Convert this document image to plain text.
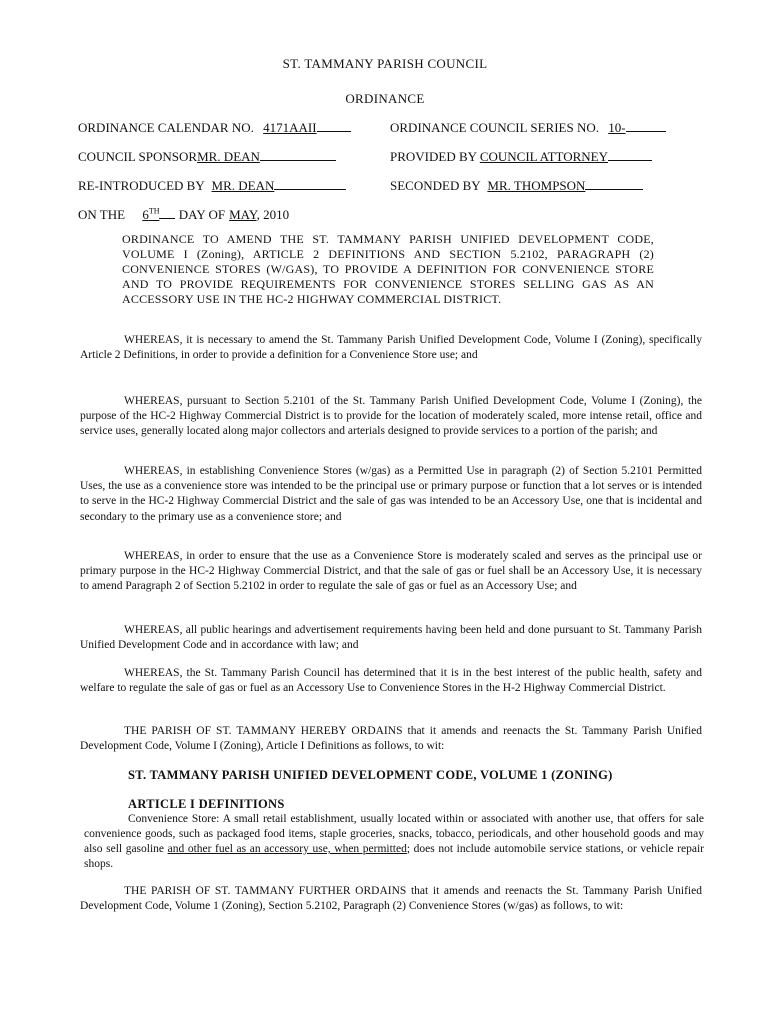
ST. TAMMANY PARISH COUNCIL
ORDINANCE
ORDINANCE CALENDAR NO. 4171AAII	ORDINANCE COUNCIL SERIES NO. 10-
COUNCIL SPONSORMR. DEAN	PROVIDED BY COUNCIL ATTORNEY
RE-INTRODUCED BY MR. DEAN	SECONDED BY MR. THOMPSON
ON THE 6TH DAY OF MAY, 2010
ORDINANCE TO AMEND THE ST. TAMMANY PARISH UNIFIED DEVELOPMENT CODE, VOLUME I (Zoning), ARTICLE 2 DEFINITIONS AND SECTION 5.2102, PARAGRAPH (2) CONVENIENCE STORES (W/GAS), TO PROVIDE A DEFINITION FOR CONVENIENCE STORE AND TO PROVIDE REQUIREMENTS FOR CONVENIENCE STORES SELLING GAS AS AN ACCESSORY USE IN THE HC-2 HIGHWAY COMMERCIAL DISTRICT.
WHEREAS, it is necessary to amend the St. Tammany Parish Unified Development Code, Volume I (Zoning), specifically Article 2 Definitions, in order to provide a definition for a Convenience Store use; and
WHEREAS, pursuant to Section 5.2101 of the St. Tammany Parish Unified Development Code, Volume I (Zoning), the purpose of the HC-2 Highway Commercial District is to provide for the location of moderately scaled, more intense retail, office and service uses, generally located along major collectors and arterials designed to provide services to a portion of the parish; and
WHEREAS, in establishing Convenience Stores (w/gas) as a Permitted Use in paragraph (2) of Section 5.2101 Permitted Uses, the use as a convenience store was intended to be the principal use or primary purpose or function that a lot serves or is intended to serve in the HC-2 Highway Commercial District and the sale of gas was intended to be an Accessory Use, one that is incidental and secondary to the primary use as a convenience store; and
WHEREAS, in order to ensure that the use as a Convenience Store is moderately scaled and serves as the principal use or primary purpose in the HC-2 Highway Commercial District, and that the sale of gas or fuel shall be an Accessory Use, it is necessary to amend Paragraph 2 of Section 5.2102 in order to regulate the sale of gas or fuel as an Accessory Use; and
WHEREAS, all public hearings and advertisement requirements having been held and done pursuant to St. Tammany Parish Unified Development Code and in accordance with law; and
WHEREAS, the St. Tammany Parish Council has determined that it is in the best interest of the public health, safety and welfare to regulate the sale of gas or fuel as an Accessory Use to Convenience Stores in the H-2 Highway Commercial District.
THE PARISH OF ST. TAMMANY HEREBY ORDAINS that it amends and reenacts the St. Tammany Parish Unified Development Code, Volume I (Zoning), Article I Definitions as follows, to wit:
ST. TAMMANY PARISH UNIFIED DEVELOPMENT CODE, VOLUME 1 (ZONING)
ARTICLE I DEFINITIONS
Convenience Store: A small retail establishment, usually located within or associated with another use, that offers for sale convenience goods, such as packaged food items, staple groceries, snacks, tobacco, periodicals, and other household goods and may also sell gasoline and other fuel as an accessory use, when permitted; does not include automobile service stations, or vehicle repair shops.
THE PARISH OF ST. TAMMANY FURTHER ORDAINS that it amends and reenacts the St. Tammany Parish Unified Development Code, Volume 1 (Zoning), Section 5.2102, Paragraph (2) Convenience Stores (w/gas) as follows, to wit:
